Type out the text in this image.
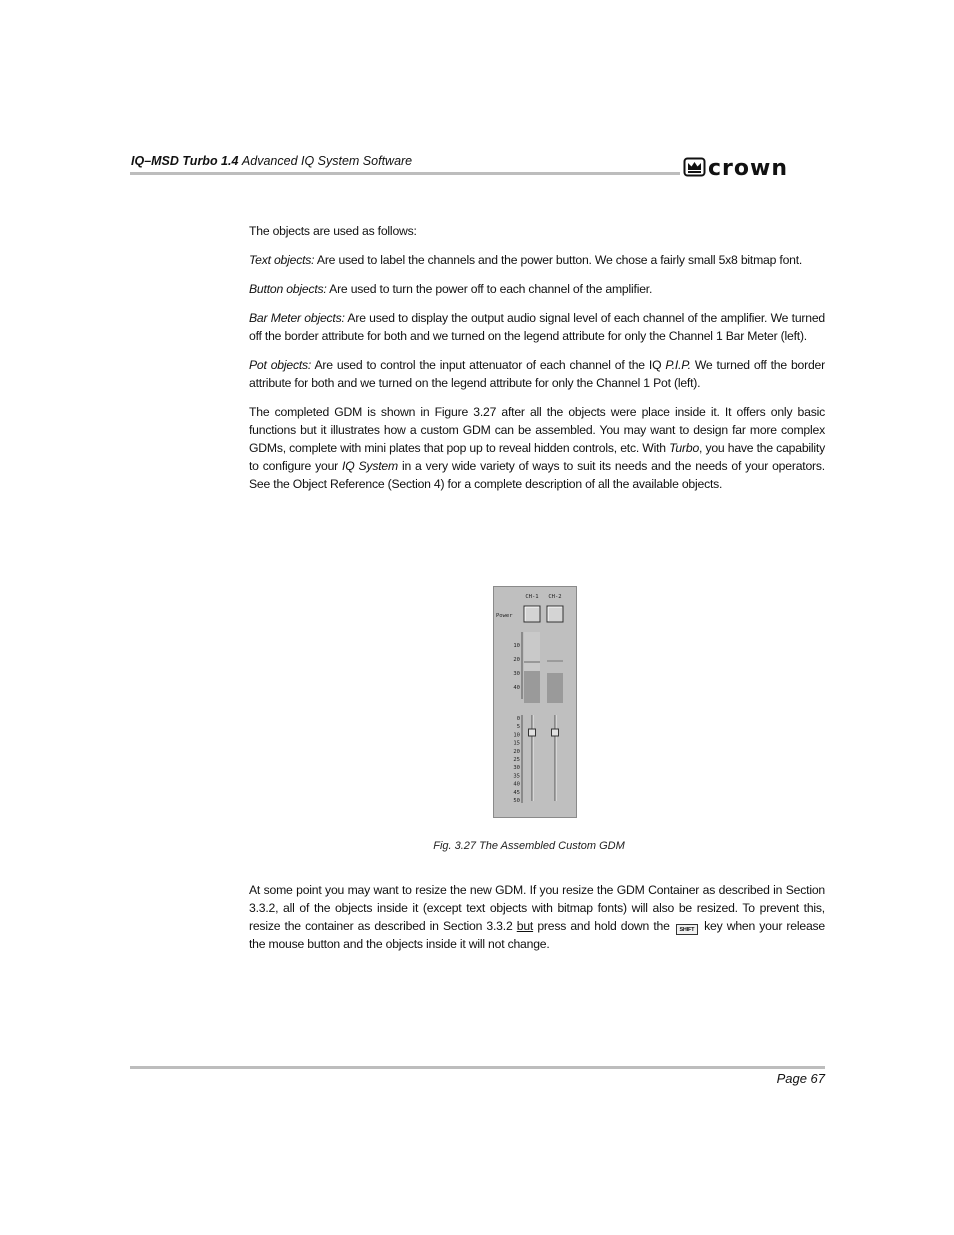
IQ–MSD Turbo 1.4 Advanced IQ System Software	crown

The objects are used as follows:

Text objects: Are used to label the channels and the power button. We chose a fairly small 5x8 bitmap font.

Button objects: Are used to turn the power off to each channel of the amplifier.

Bar Meter objects: Are used to display the output audio signal level of each channel of the amplifier. We turned off the border attribute for both and we turned on the legend attribute for only the Channel 1 Bar Meter (left).

Pot objects: Are used to control the input attenuator of each channel of the IQ P.I.P. We turned off the border attribute for both and we turned on the legend attribute for only the Channel 1 Pot (left).

The completed GDM is shown in Figure 3.27 after all the objects were place inside it. It offers only basic functions but it illustrates how a custom GDM can be assembled. You may want to design far more complex GDMs, complete with mini plates that pop up to reveal hidden controls, etc. With Turbo, you have the capability to configure your IQ System in a very wide variety of ways to suit its needs and the needs of your operators. See the Object Reference (Section 4) for a complete description of all the available objects.

CH-1 CH-2
Power
10
20
30
40
0
5
10
15
20
25
30
35
40
45
50
Fig. 3.27 The Assembled Custom GDM

At some point you may want to resize the new GDM. If you resize the GDM Container as described in Section 3.3.2, all of the objects inside it (except text objects with bitmap fonts) will also be resized. To prevent this, resize the container as described in Section 3.3.2 but press and hold down the SHIFT key when your release the mouse button and the objects inside it will not change.

Page 67
